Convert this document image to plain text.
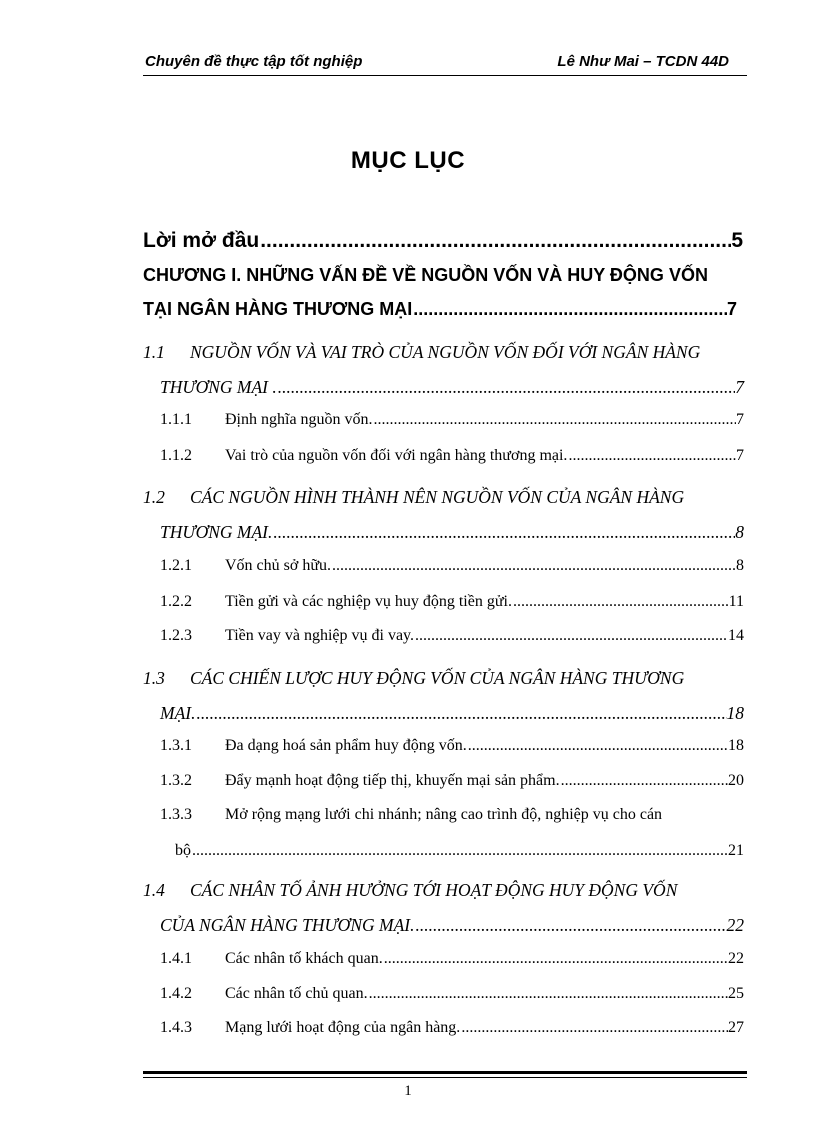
Chuyên đề thực tập tốt nghiệp	Lê Như Mai – TCDN 44D
MỤC LỤC
Lời mở đầu .....	5
CHƯƠNG I. NHỮNG VẤN ĐỀ VỀ NGUỒN VỐN VÀ HUY ĐỘNG VỐN
TẠI NGÂN HÀNG THƯƠNG MẠI .....	7
1.1 NGUỒN VỐN VÀ VAI TRÒ CỦA NGUỒN VỐN ĐỐI VỚI NGÂN HÀNG
THƯƠNG MẠI . .....	7
1.1.1 Định nghĩa nguồn vốn. .....	7
1.1.2 Vai trò của nguồn vốn đối với ngân hàng thương mại. .....	7
1.2 CÁC NGUỒN HÌNH THÀNH NÊN NGUỒN VỐN CỦA NGÂN HÀNG
THƯƠNG MẠI. .....	8
1.2.1 Vốn chủ sở hữu. .....	8
1.2.2 Tiền gửi và các nghiệp vụ huy động tiền gửi. .....	11
1.2.3 Tiền vay và nghiệp vụ đi vay. .....	14
1.3 CÁC CHIẾN LƯỢC HUY ĐỘNG VỐN CỦA NGÂN HÀNG THƯƠNG
MẠI. .....	18
1.3.1 Đa dạng hoá sản phẩm huy động vốn. .....	18
1.3.2 Đẩy mạnh hoạt động tiếp thị, khuyến mại sản phẩm. .....	20
1.3.3 Mở rộng mạng lưới chi nhánh; nâng cao trình độ, nghiệp vụ cho cán
bộ .....	21
1.4 CÁC NHÂN TỐ ẢNH HƯỞNG TỚI HOẠT ĐỘNG HUY ĐỘNG VỐN
CỦA NGÂN HÀNG THƯƠNG MẠI. .....	22
1.4.1 Các nhân tố khách quan. .....	22
1.4.2 Các nhân tố chủ quan. .....	25
1.4.3 Mạng lưới hoạt động của ngân hàng. .....	27
1
